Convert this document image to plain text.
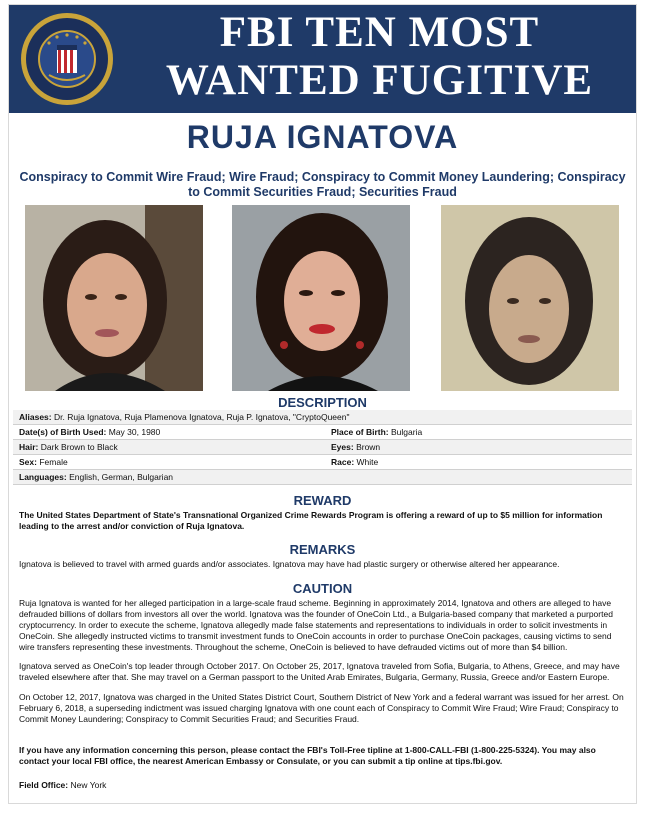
FBI TEN MOST
WANTED FUGITIVE
RUJA IGNATOVA
Conspiracy to Commit Wire Fraud; Wire Fraud; Conspiracy to Commit Money Laundering; Conspiracy to Commit Securities Fraud; Securities Fraud
DESCRIPTION
Aliases: Dr. Ruja Ignatova, Ruja Plamenova Ignatova, Ruja P. Ignatova, "CryptoQueen"	
Date(s) of Birth Used: May 30, 1980	Place of Birth: Bulgaria
Hair: Dark Brown to Black	Eyes: Brown
Sex: Female	Race: White
Languages: English, German, Bulgarian	
REWARD
The United States Department of State's Transnational Organized Crime Rewards Program is offering a reward of up to $5 million for information leading to the arrest and/or conviction of Ruja Ignatova.
REMARKS
Ignatova is believed to travel with armed guards and/or associates. Ignatova may have had plastic surgery or otherwise altered her appearance.
CAUTION
Ruja Ignatova is wanted for her alleged participation in a large-scale fraud scheme. Beginning in approximately 2014, Ignatova and others are alleged to have defrauded billions of dollars from investors all over the world. Ignatova was the founder of OneCoin Ltd., a Bulgaria-based company that marketed a purported cryptocurrency. In order to execute the scheme, Ignatova allegedly made false statements and representations to individuals in order to solicit investments in OneCoin. She allegedly instructed victims to transmit investment funds to OneCoin accounts in order to purchase OneCoin packages, causing victims to send wire transfers representing these investments. Throughout the scheme, OneCoin is believed to have defrauded victims out of more than $4 billion.
Ignatova served as OneCoin's top leader through October 2017. On October 25, 2017, Ignatova traveled from Sofia, Bulgaria, to Athens, Greece, and may have traveled elsewhere after that. She may travel on a German passport to the United Arab Emirates, Bulgaria, Germany, Russia, Greece and/or Eastern Europe.
On October 12, 2017, Ignatova was charged in the United States District Court, Southern District of New York and a federal warrant was issued for her arrest. On February 6, 2018, a superseding indictment was issued charging Ignatova with one count each of Conspiracy to Commit Wire Fraud; Wire Fraud; Conspiracy to Commit Money Laundering; Conspiracy to Commit Securities Fraud; and Securities Fraud.
If you have any information concerning this person, please contact the FBI's Toll-Free tipline at 1-800-CALL-FBI (1-800-225-5324). You may also contact your local FBI office, the nearest American Embassy or Consulate, or you can submit a tip online at tips.fbi.gov.
Field Office: New York
